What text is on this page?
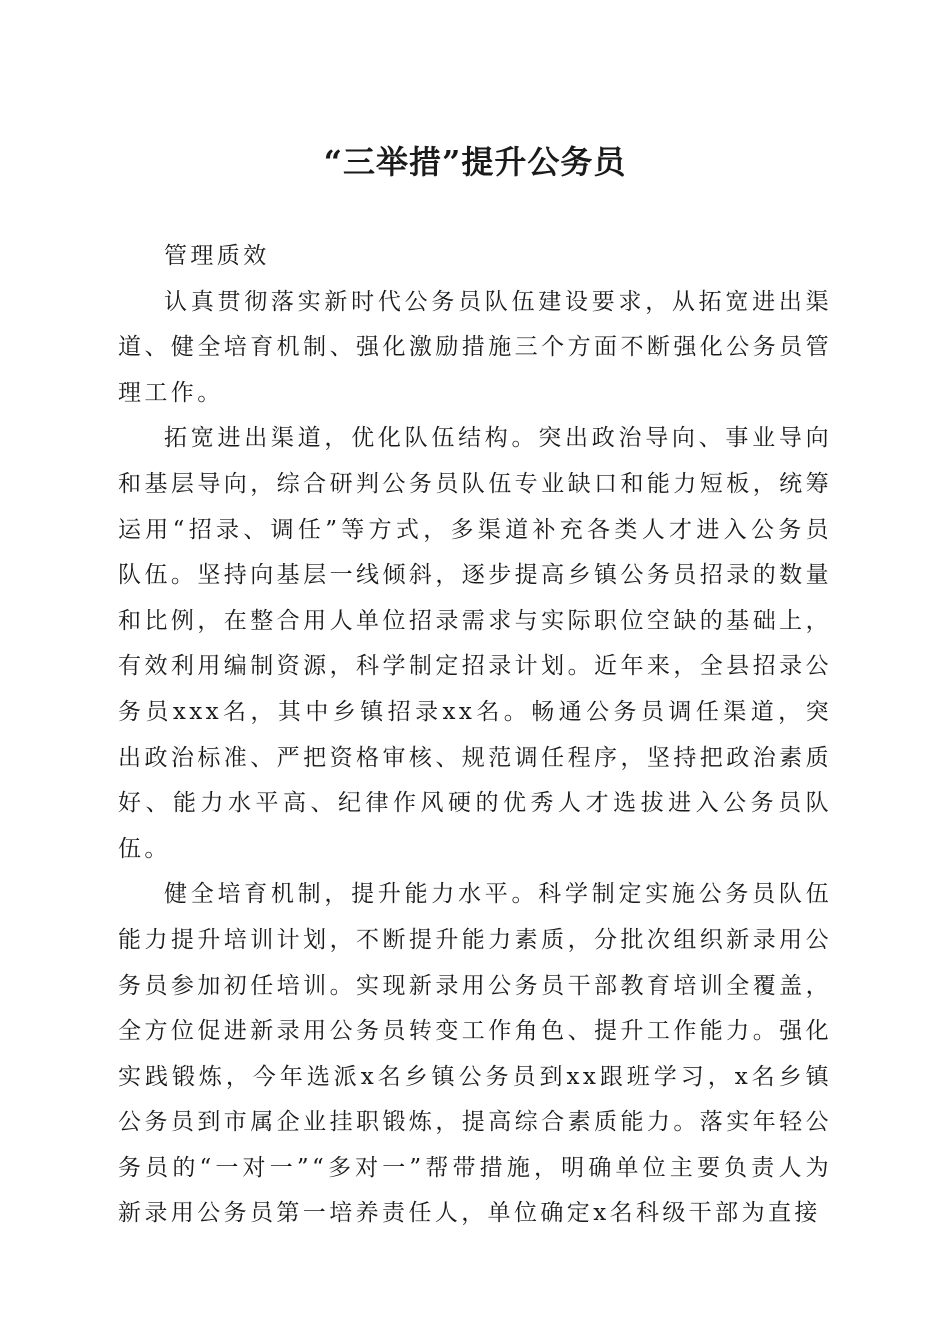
“三举措”提升公务员

管理质效

认真贯彻落实新时代公务员队伍建设要求，从拓宽进出渠道、健全培育机制、强化激励措施三个方面不断强化公务员管理工作。

拓宽进出渠道，优化队伍结构。突出政治导向、事业导向和基层导向，综合研判公务员队伍专业缺口和能力短板，统筹运用“招录、调任”等方式，多渠道补充各类人才进入公务员队伍。坚持向基层一线倾斜，逐步提高乡镇公务员招录的数量和比例，在整合用人单位招录需求与实际职位空缺的基础上，有效利用编制资源，科学制定招录计划。近年来，全县招录公务员xxx名，其中乡镇招录xx名。畅通公务员调任渠道，突出政治标准、严把资格审核、规范调任程序，坚持把政治素质好、能力水平高、纪律作风硬的优秀人才选拔进入公务员队伍。

健全培育机制，提升能力水平。科学制定实施公务员队伍能力提升培训计划，不断提升能力素质，分批次组织新录用公务员参加初任培训。实现新录用公务员干部教育培训全覆盖，全方位促进新录用公务员转变工作角色、提升工作能力。强化实践锻炼，今年选派x名乡镇公务员到xx跟班学习，x名乡镇公务员到市属企业挂职锻炼，提高综合素质能力。落实年轻公务员的“一对一”“多对一”帮带措施，明确单位主要负责人为新录用公务员第一培养责任人，单位确定x名科级干部为直接
